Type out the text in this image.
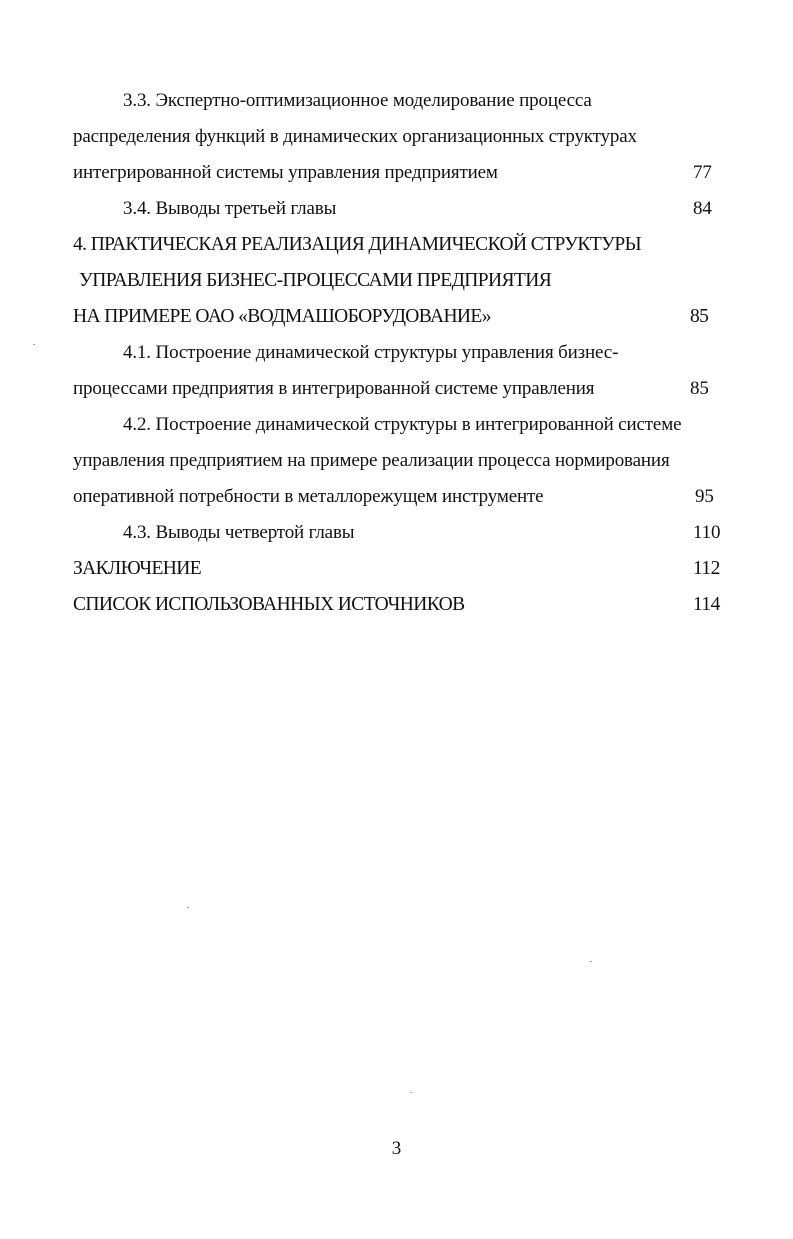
3.3. Экспертно-оптимизационное моделирование процесса
распределения функций в динамических организационных структурах
интегрированной системы управления предприятием	77
3.4. Выводы третьей главы	84
4. ПРАКТИЧЕСКАЯ РЕАЛИЗАЦИЯ ДИНАМИЧЕСКОЙ СТРУКТУРЫ
УПРАВЛЕНИЯ БИЗНЕС-ПРОЦЕССАМИ ПРЕДПРИЯТИЯ
НА ПРИМЕРЕ ОАО «ВОДМАШОБОРУДОВАНИЕ»	85
4.1. Построение динамической структуры управления бизнес-
процессами предприятия в интегрированной системе управления	85
4.2. Построение динамической структуры в интегрированной системе
управления предприятием на примере реализации процесса нормирования
оперативной потребности в металлорежущем инструменте	95
4.3. Выводы четвертой главы	110
ЗАКЛЮЧЕНИЕ	112
СПИСОК ИСПОЛЬЗОВАННЫХ ИСТОЧНИКОВ	114
3
